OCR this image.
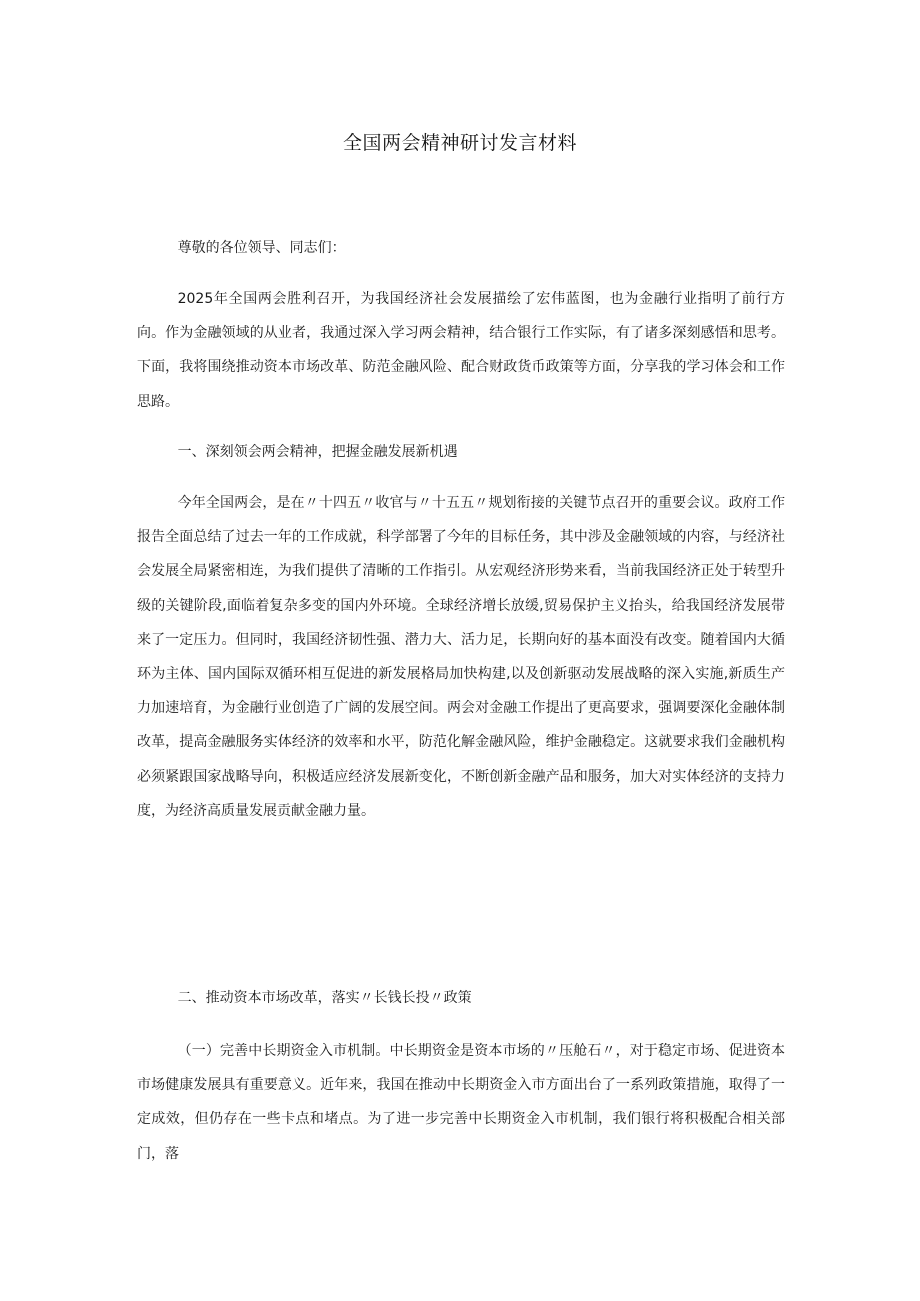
全国两会精神研讨发言材料

尊敬的各位领导、同志们：

2025年全国两会胜利召开，为我国经济社会发展描绘了宏伟蓝图，也为金融行业指明了前行方向。作为金融领域的从业者，我通过深入学习两会精神，结合银行工作实际，有了诸多深刻感悟和思考。下面，我将围绕推动资本市场改革、防范金融风险、配合财政货币政策等方面，分享我的学习体会和工作思路。

一、深刻领会两会精神，把握金融发展新机遇

今年全国两会，是在〃十四五〃收官与〃十五五〃规划衔接的关键节点召开的重要会议。政府工作报告全面总结了过去一年的工作成就，科学部署了今年的目标任务，其中涉及金融领域的内容，与经济社会发展全局紧密相连，为我们提供了清晰的工作指引。从宏观经济形势来看，当前我国经济正处于转型升级的关键阶段,面临着复杂多变的国内外环境。全球经济增长放缓,贸易保护主义抬头，给我国经济发展带来了一定压力。但同时，我国经济韧性强、潜力大、活力足，长期向好的基本面没有改变。随着国内大循环为主体、国内国际双循环相互促进的新发展格局加快构建,以及创新驱动发展战略的深入实施,新质生产力加速培育，为金融行业创造了广阔的发展空间。两会对金融工作提出了更高要求，强调要深化金融体制改革，提高金融服务实体经济的效率和水平，防范化解金融风险，维护金融稳定。这就要求我们金融机构必须紧跟国家战略导向，积极适应经济发展新变化，不断创新金融产品和服务，加大对实体经济的支持力度，为经济高质量发展贡献金融力量。

二、推动资本市场改革，落实〃长钱长投〃政策

（一）完善中长期资金入市机制。中长期资金是资本市场的〃压舱石〃，对于稳定市场、促进资本市场健康发展具有重要意义。近年来，我国在推动中长期资金入市方面出台了一系列政策措施，取得了一定成效，但仍存在一些卡点和堵点。为了进一步完善中长期资金入市机制，我们银行将积极配合相关部门，落
